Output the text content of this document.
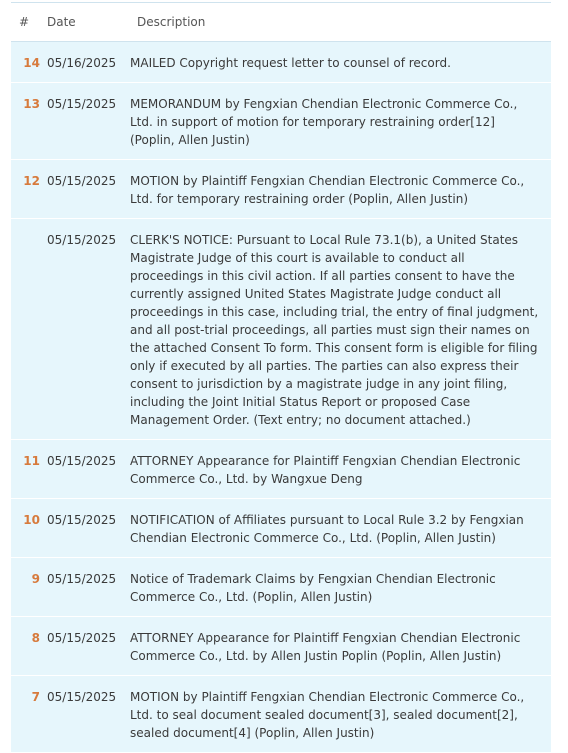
#	Date	Description
14 05/16/2025	MAILED Copyright request letter to counsel of record.
13 05/15/2025	MEMORANDUM by Fengxian Chendian Electronic Commerce Co., Ltd. in support of motion for temporary restraining order[12] (Poplin, Allen Justin)
12 05/15/2025	MOTION by Plaintiff Fengxian Chendian Electronic Commerce Co., Ltd. for temporary restraining order (Poplin, Allen Justin)
05/15/2025	CLERK'S NOTICE: Pursuant to Local Rule 73.1(b), a United States Magistrate Judge of this court is available to conduct all proceedings in this civil action. If all parties consent to have the currently assigned United States Magistrate Judge conduct all proceedings in this case, including trial, the entry of final judgment, and all post-trial proceedings, all parties must sign their names on the attached Consent To form. This consent form is eligible for filing only if executed by all parties. The parties can also express their consent to jurisdiction by a magistrate judge in any joint filing, including the Joint Initial Status Report or proposed Case Management Order. (Text entry; no document attached.)
11 05/15/2025	ATTORNEY Appearance for Plaintiff Fengxian Chendian Electronic Commerce Co., Ltd. by Wangxue Deng
10 05/15/2025	NOTIFICATION of Affiliates pursuant to Local Rule 3.2 by Fengxian Chendian Electronic Commerce Co., Ltd. (Poplin, Allen Justin)
9 05/15/2025	Notice of Trademark Claims by Fengxian Chendian Electronic Commerce Co., Ltd. (Poplin, Allen Justin)
8 05/15/2025	ATTORNEY Appearance for Plaintiff Fengxian Chendian Electronic Commerce Co., Ltd. by Allen Justin Poplin (Poplin, Allen Justin)
7 05/15/2025	MOTION by Plaintiff Fengxian Chendian Electronic Commerce Co., Ltd. to seal document sealed document[3], sealed document[2], sealed document[4] (Poplin, Allen Justin)
